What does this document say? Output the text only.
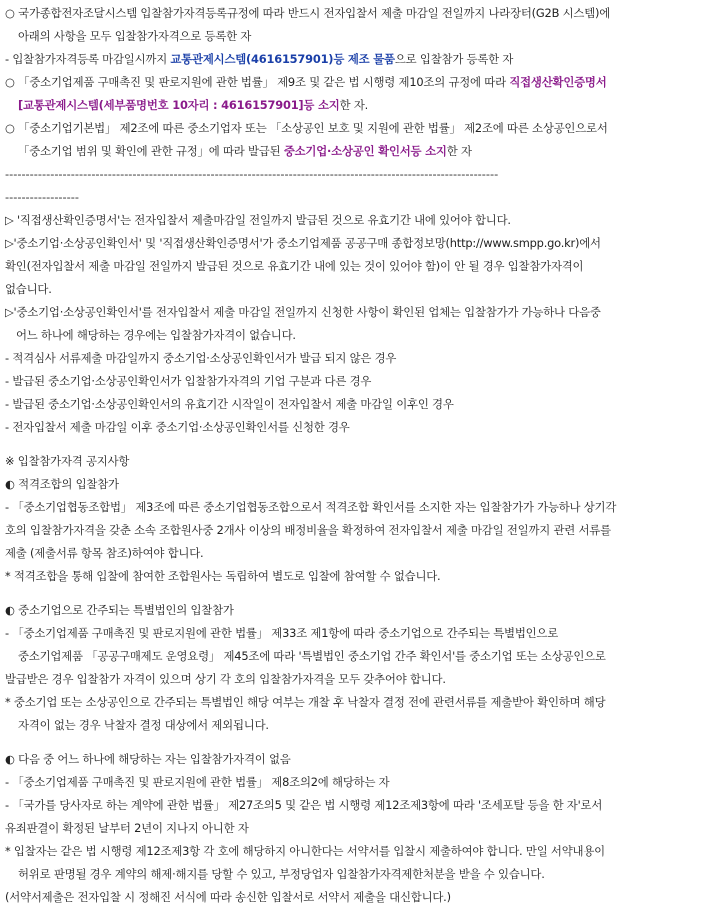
○ 국가종합전자조달시스템 입찰참가자격등록규정에 따라 반드시 전자입찰서 제출 마감일 전일까지 나라장터(G2B 시스템)에

아래의 사항을 모두 입찰참가자격으로 등록한 자

- 입찰참가자격등록 마감일시까지 교통관제시스템(4616157901)등 제조 물품으로 입찰참가 등록한 자

○ 「중소기업제품 구매촉진 및 판로지원에 관한 법률」 제9조 및 같은 법 시행령 제10조의 규정에 따라 직접생산확인증명서

[교통관제시스템(세부품명번호 10자리 : 4616157901]등 소지한 자.

○ 「중소기업기본법」 제2조에 따른 중소기업자 또는 「소상공인 보호 및 지원에 관한 법률」 제2조에 따른 소상공인으로서

「중소기업 범위 및 확인에 관한 규정」에 따라 발급된 중소기업·소상공인 확인서등 소지한 자

------------------------------------------------------------------------------------------------------------------------

------------------

▷ '직접생산확인증명서'는 전자입찰서 제출마감일 전일까지 발급된 것으로 유효기간 내에 있어야 합니다.

▷'중소기업·소상공인확인서' 및 '직접생산확인증명서'가 중소기업제품 공공구매 종합정보망(http://www.smpp.go.kr)에서

확인(전자입찰서 제출 마감일 전일까지 발급된 것으로 유효기간 내에 있는 것이 있어야 함)이 안 될 경우 입찰참가자격이

없습니다.

▷'중소기업·소상공인확인서'를 전자입찰서 제출 마감일 전일까지 신청한 사항이 확인된 업체는 입찰참가가 가능하나 다음중

어느 하나에 해당하는 경우에는 입찰참가자격이 없습니다.

- 적격심사 서류제출 마감일까지 중소기업·소상공인확인서가 발급 되지 않은 경우

- 발급된 중소기업·소상공인확인서가 입찰참가자격의 기업 구분과 다른 경우

- 발급된 중소기업·소상공인확인서의 유효기간 시작일이 전자입찰서 제출 마감일 이후인 경우

- 전자입찰서 제출 마감일 이후 중소기업·소상공인확인서를 신청한 경우

※ 입찰참가자격 공지사항

◐ 적격조합의 입찰참가

- 「중소기업협동조합법」 제3조에 따른 중소기업협동조합으로서 적격조합 확인서를 소지한 자는 입찰참가가 가능하나 상기각

호의 입찰참가자격을 갖춘 소속 조합원사중 2개사 이상의 배정비율을 확정하여 전자입찰서 제출 마감일 전일까지 관련 서류를

제출 (제출서류 항목 참조)하여야 합니다.

* 적격조합을 통해 입찰에 참여한 조합원사는 독립하여 별도로 입찰에 참여할 수 없습니다.

◐ 중소기업으로 간주되는 특별법인의 입찰참가

- 「중소기업제품 구매촉진 및 판로지원에 관한 법률」 제33조 제1항에 따라 중소기업으로 간주되는 특별법인으로

중소기업제품 「공공구매제도 운영요령」 제45조에 따라 '특별법인 중소기업 간주 확인서'를 중소기업 또는 소상공인으로

발급받은 경우 입찰참가 자격이 있으며 상기 각 호의 입찰참가자격을 모두 갖추어야 합니다.

* 중소기업 또는 소상공인으로 간주되는 특별법인 해당 여부는 개찰 후 낙찰자 결정 전에 관련서류를 제출받아 확인하며 해당

자격이 없는 경우 낙찰자 결정 대상에서 제외됩니다.

◐ 다음 중 어느 하나에 해당하는 자는 입찰참가자격이 없음

- 「중소기업제품 구매촉진 및 판로지원에 관한 법률」 제8조의2에 해당하는 자

- 「국가를 당사자로 하는 계약에 관한 법률」 제27조의5 및 같은 법 시행령 제12조제3항에 따라 '조세포탈 등을 한 자'로서

유죄판결이 확정된 날부터 2년이 지나지 아니한 자

* 입찰자는 같은 법 시행령 제12조제3항 각 호에 해당하지 아니한다는 서약서를 입찰시 제출하여야 합니다. 만일 서약내용이

허위로 판명될 경우 계약의 해제·해지를 당할 수 있고, 부정당업자 입찰참가자격제한처분을 받을 수 있습니다.

(서약서제출은 전자입찰 시 정해진 서식에 따라 송신한 입찰서로 서약서 제출을 대신합니다.)
